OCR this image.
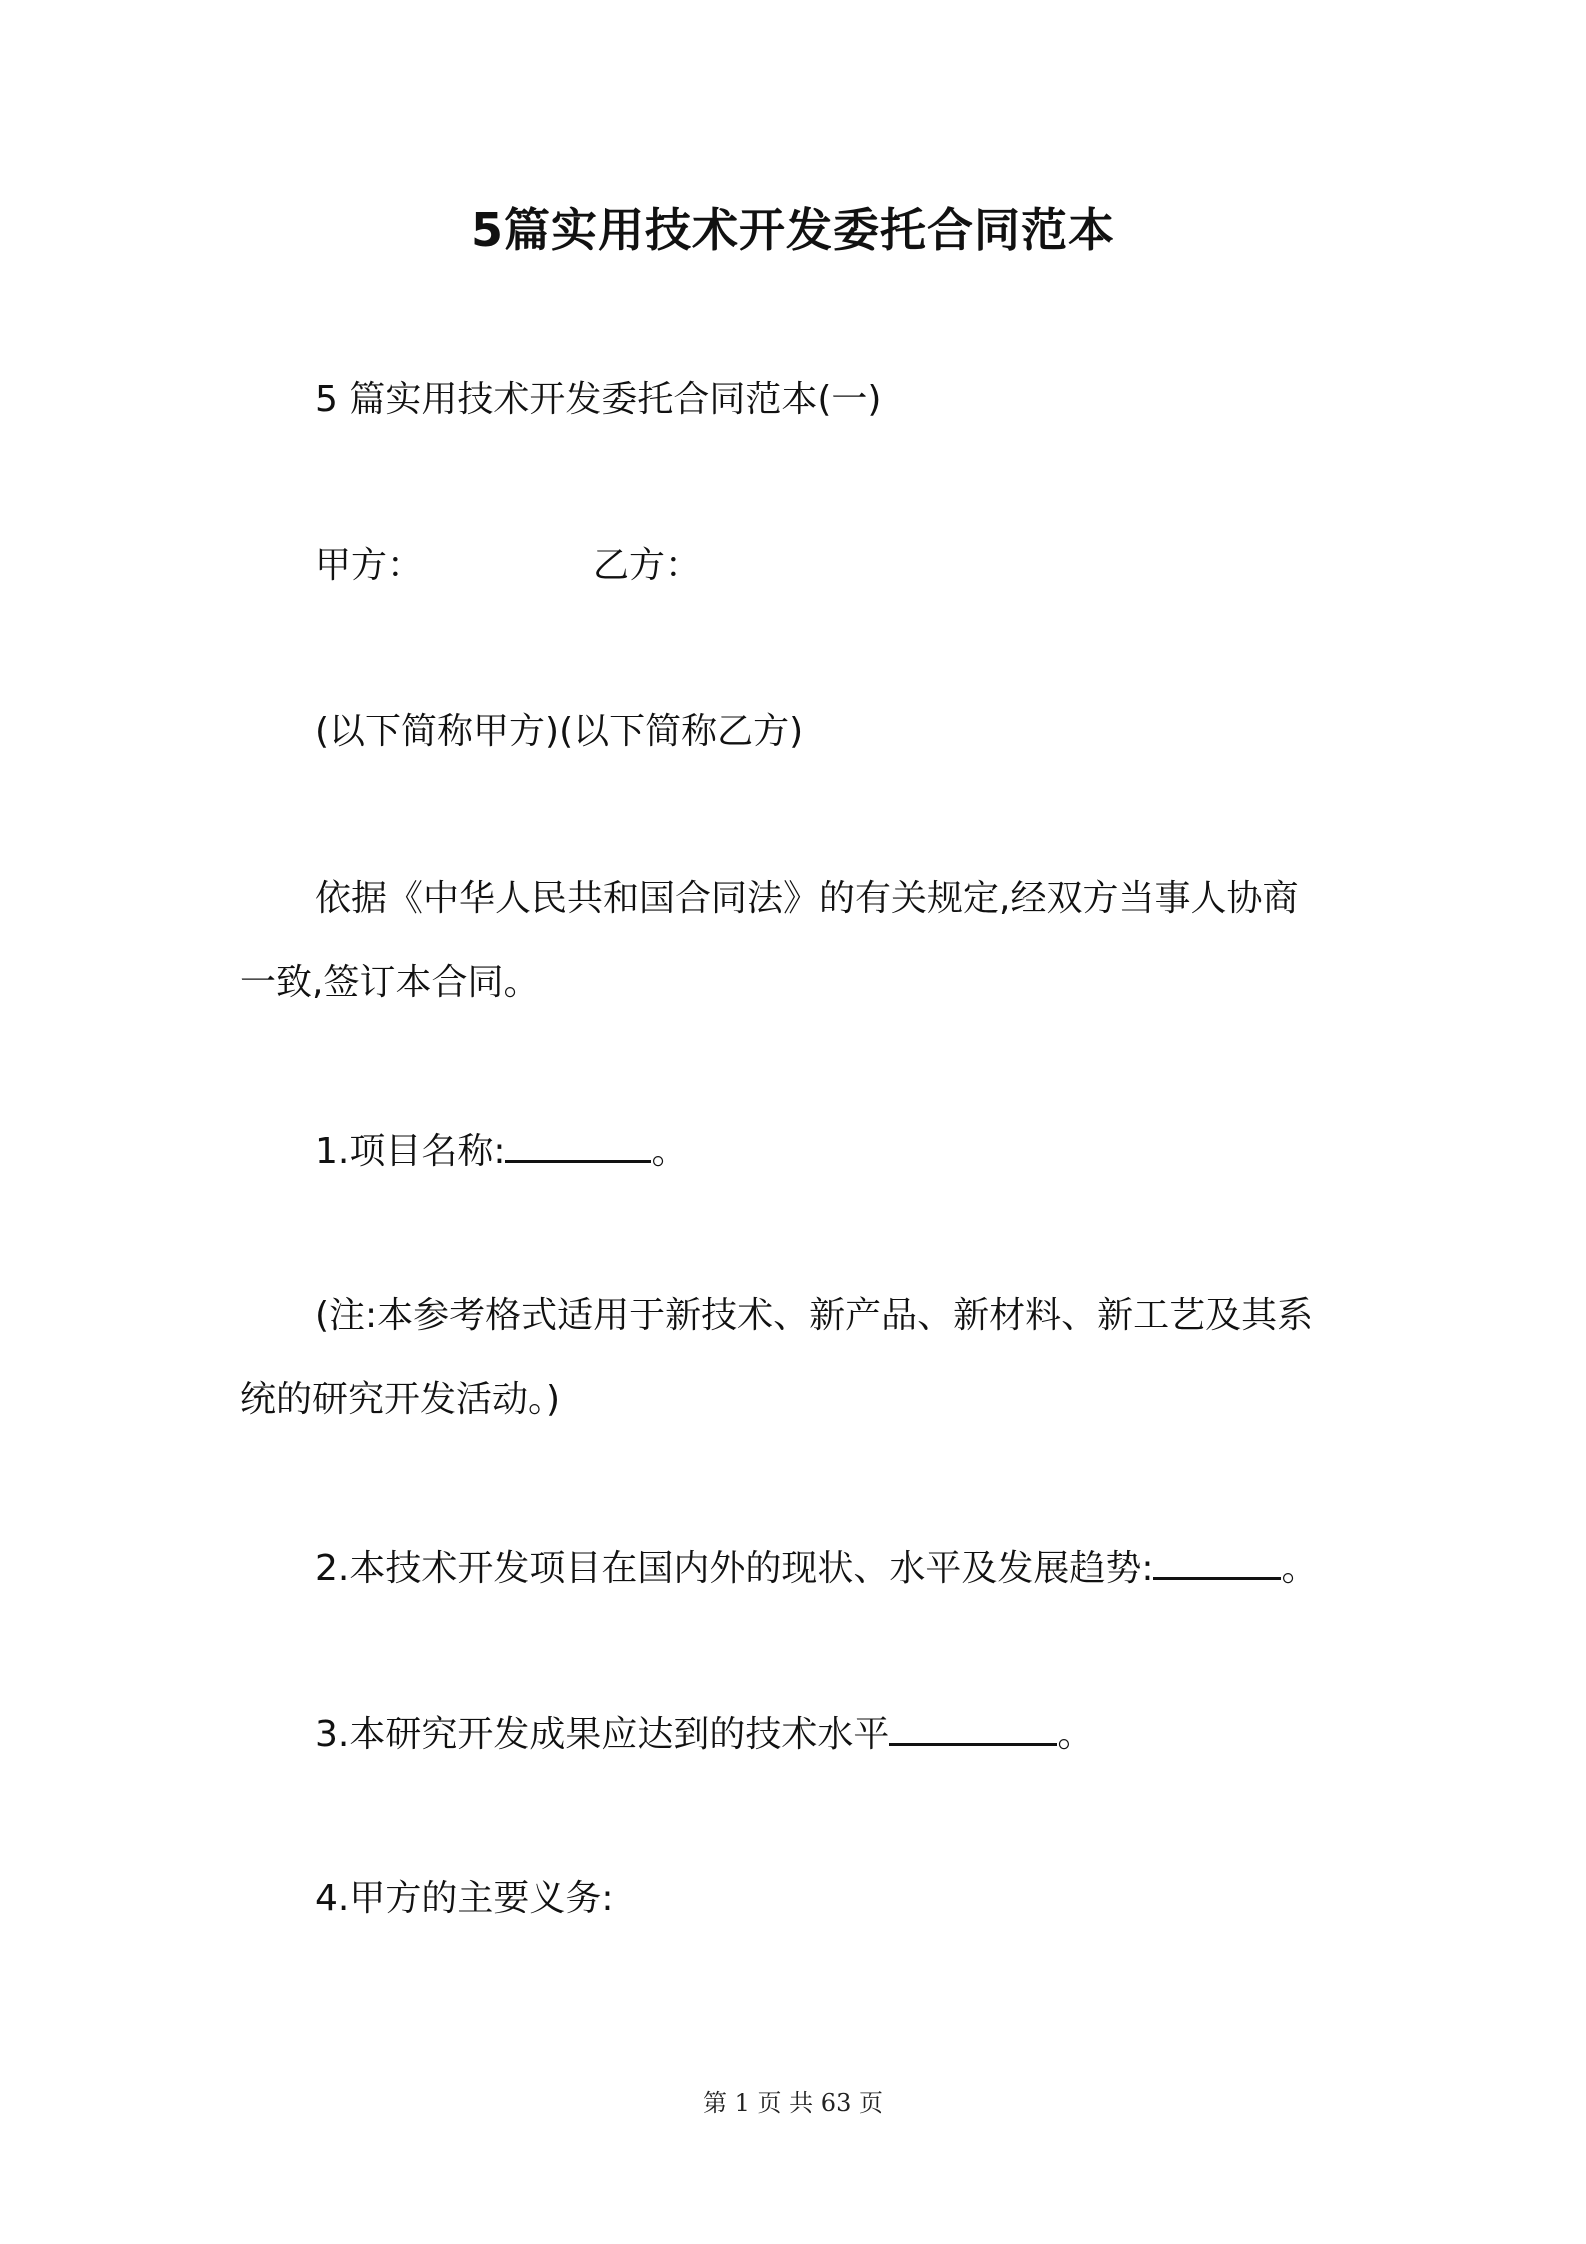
5篇实用技术开发委托合同范本
5 篇实用技术开发委托合同范本(一)
甲方：	乙方：
(以下简称甲方)(以下简称乙方)
依据《中华人民共和国合同法》的有关规定,经双方当事人协商
一致,签订本合同。
1.项目名称:	。
(注:本参考格式适用于新技术、新产品、新材料、新工艺及其系
统的研究开发活动。)
2.本技术开发项目在国内外的现状、水平及发展趋势:	。
3.本研究开发成果应达到的技术水平	。
4.甲方的主要义务:
第 1 页 共 63 页
